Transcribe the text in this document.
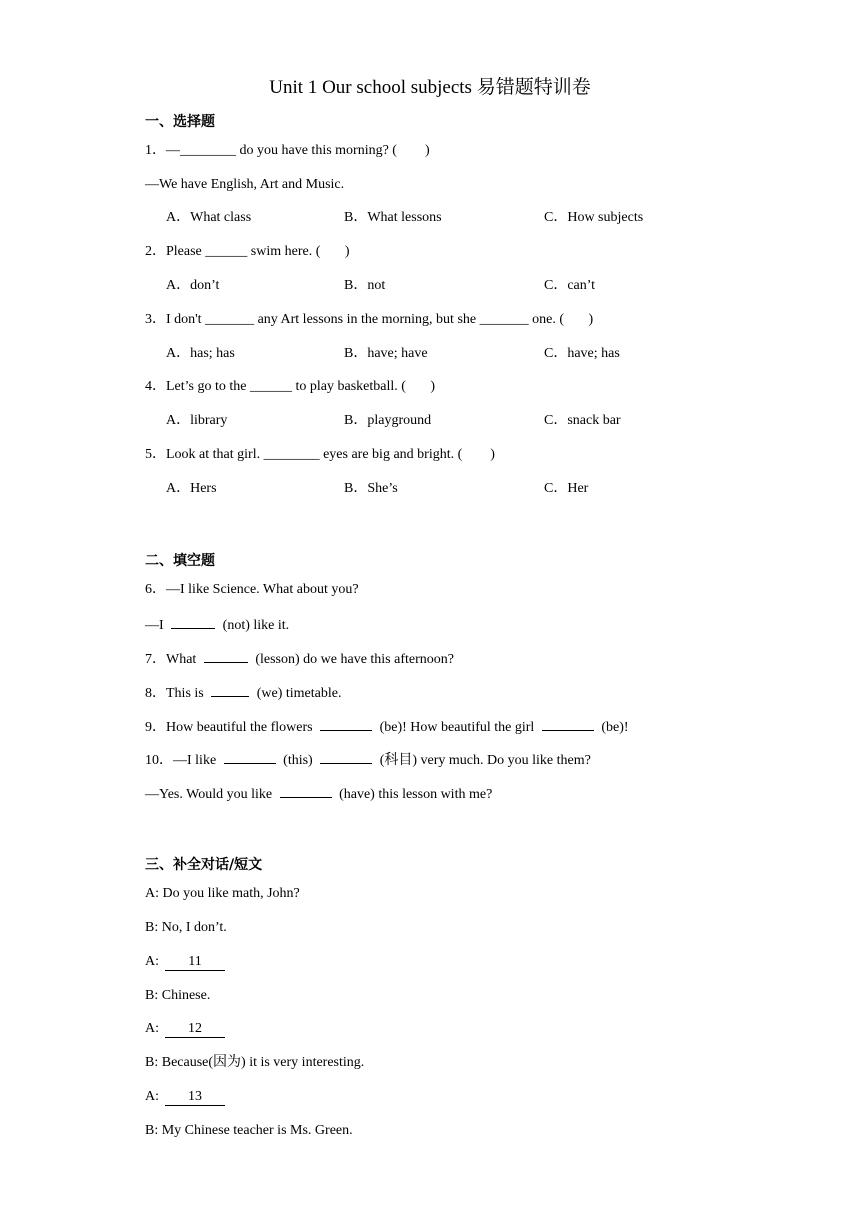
Unit 1 Our school subjects 易错题特训卷
一、选择题
1．—________ do you have this morning? (        )
—We have English, Art and Music.
A．What class	B．What lessons	C．How subjects
2．Please ______ swim here. (       )
A．don’t	B．not	C．can’t
3．I don't _______ any Art lessons in the morning, but she _______ one. (       )
A．has; has	B．have; have	C．have; has
4．Let’s go to the ______ to play basketball. (       )
A．library	B．playground	C．snack bar
5．Look at that girl. ________ eyes are big and bright. (        )
A．Hers	B．She’s	C．Her
二、填空题
6．—I like Science. What about you?
—I	(not) like it.
7．What	(lesson) do we have this afternoon?
8．This is	(we) timetable.
9．How beautiful the flowers	(be)! How beautiful the girl	(be)!
10．—I like	(this)	(科目) very much. Do you like them?
—Yes. Would you like	(have) this lesson with me?
三、补全对话/短文
A: Do you like math, John?
B: No, I don’t.
A: 11
B: Chinese.
A: 12
B: Because(因为) it is very interesting.
A: 13
B: My Chinese teacher is Ms. Green.
